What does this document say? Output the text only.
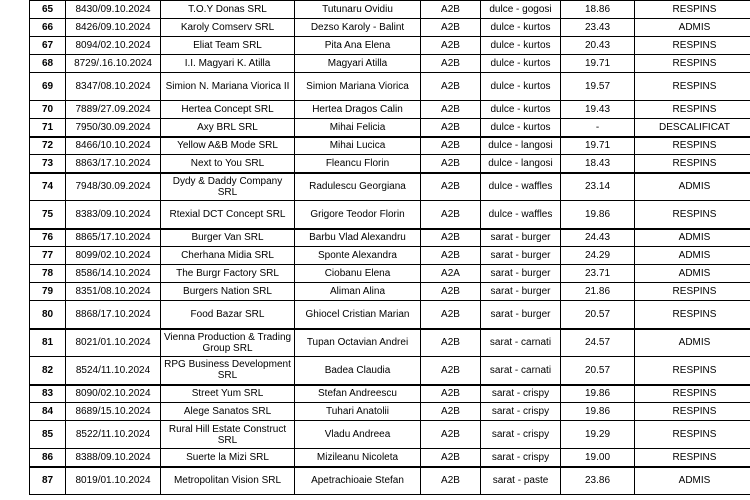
65	8430/09.10.2024	T.O.Y Donas SRL	Tutunaru Ovidiu	A2B	dulce - gogosi	18.86	RESPINS
66	8426/09.10.2024	Karoly Comserv SRL	Dezso Karoly - Balint	A2B	dulce - kurtos	23.43	ADMIS
67	8094/02.10.2024	Eliat Team SRL	Pita Ana Elena	A2B	dulce - kurtos	20.43	RESPINS
68	8729/.16.10.2024	I.I. Magyari K. Atilla	Magyari Atilla	A2B	dulce - kurtos	19.71	RESPINS
69	8347/08.10.2024	Simion N. Mariana Viorica II	Simion Mariana Viorica	A2B	dulce - kurtos	19.57	RESPINS
70	7889/27.09.2024	Hertea Concept SRL	Hertea Dragos Calin	A2B	dulce - kurtos	19.43	RESPINS
71	7950/30.09.2024	Axy BRL SRL	Mihai Felicia	A2B	dulce - kurtos	-	DESCALIFICAT
72	8466/10.10.2024	Yellow A&B Mode SRL	Mihai Lucica	A2B	dulce - langosi	19.71	RESPINS
73	8863/17.10.2024	Next to You SRL	Fleancu Florin	A2B	dulce - langosi	18.43	RESPINS
74	7948/30.09.2024	Dydy & Daddy Company SRL	Radulescu Georgiana	A2B	dulce - waffles	23.14	ADMIS
75	8383/09.10.2024	Rtexial DCT Concept SRL	Grigore Teodor Florin	A2B	dulce - waffles	19.86	RESPINS
76	8865/17.10.2024	Burger Van SRL	Barbu Vlad Alexandru	A2B	sarat - burger	24.43	ADMIS
77	8099/02.10.2024	Cherhana Midia SRL	Sponte Alexandra	A2B	sarat - burger	24.29	ADMIS
78	8586/14.10.2024	The Burgr Factory SRL	Ciobanu Elena	A2A	sarat - burger	23.71	ADMIS
79	8351/08.10.2024	Burgers Nation SRL	Aliman Alina	A2B	sarat - burger	21.86	RESPINS
80	8868/17.10.2024	Food Bazar SRL	Ghiocel Cristian Marian	A2B	sarat - burger	20.57	RESPINS
81	8021/01.10.2024	Vienna Production & Trading Group SRL	Tupan Octavian Andrei	A2B	sarat - carnati	24.57	ADMIS
82	8524/11.10.2024	RPG Business Development SRL	Badea Claudia	A2B	sarat - carnati	20.57	RESPINS
83	8090/02.10.2024	Street Yum SRL	Stefan Andreescu	A2B	sarat - crispy	19.86	RESPINS
84	8689/15.10.2024	Alege Sanatos SRL	Tuhari Anatolii	A2B	sarat - crispy	19.86	RESPINS
85	8522/11.10.2024	Rural Hill Estate Construct SRL	Vladu Andreea	A2B	sarat - crispy	19.29	RESPINS
86	8388/09.10.2024	Suerte la Mizi SRL	Mizileanu Nicoleta	A2B	sarat - crispy	19.00	RESPINS
87	8019/01.10.2024	Metropolitan Vision SRL	Apetrachioaie Stefan	A2B	sarat - paste	23.86	ADMIS
